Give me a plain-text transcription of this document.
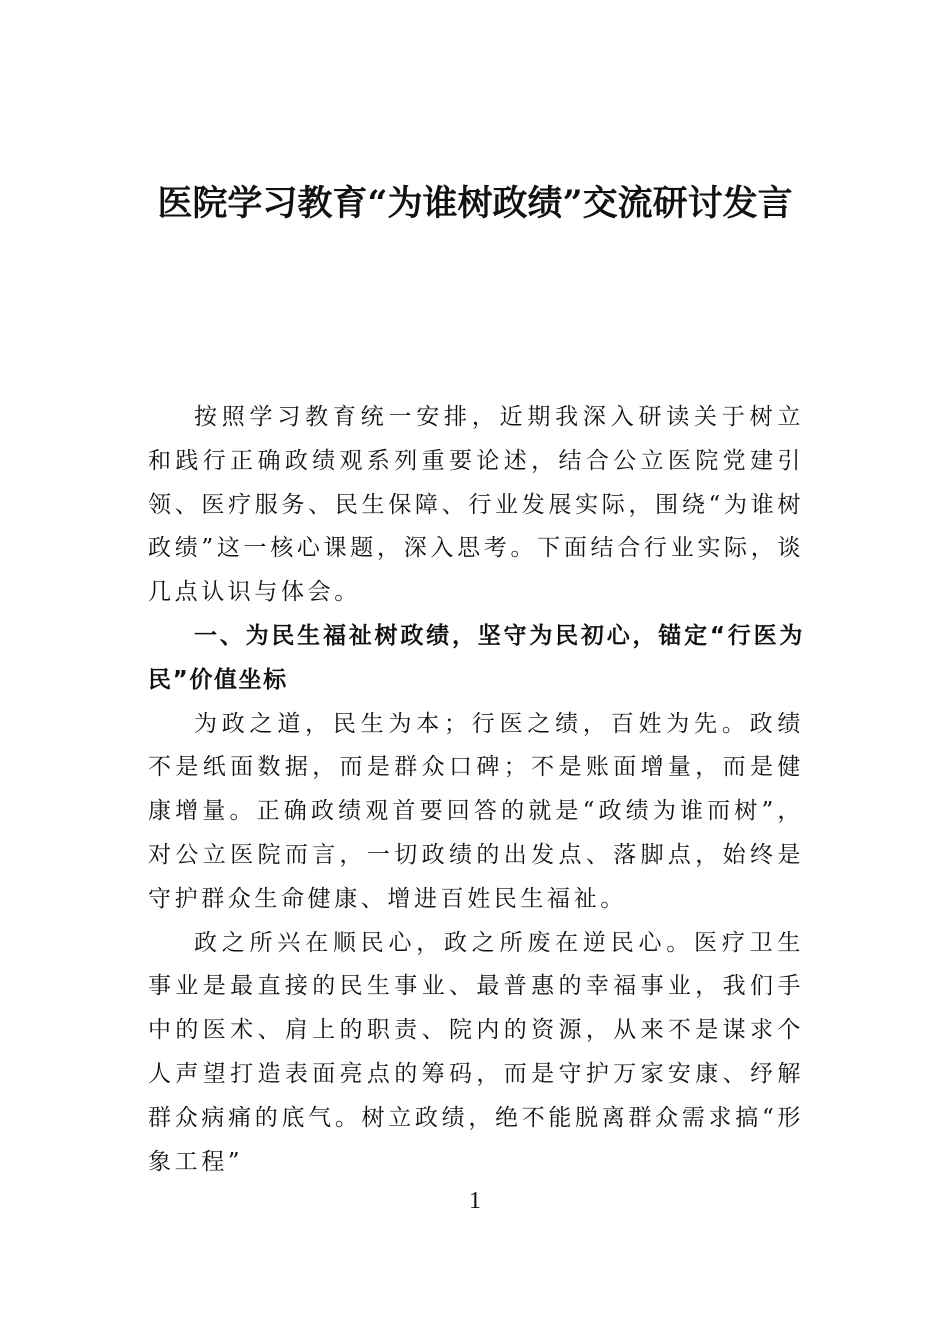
医院学习教育“为谁树政绩”交流研讨发言

按照学习教育统一安排，近期我深入研读关于树立和践行正确政绩观系列重要论述，结合公立医院党建引领、医疗服务、民生保障、行业发展实际，围绕“为谁树政绩”这一核心课题，深入思考。下面结合行业实际，谈几点认识与体会。

一、为民生福祉树政绩，坚守为民初心，锚定“行医为民”价值坐标

为政之道，民生为本；行医之绩，百姓为先。政绩不是纸面数据，而是群众口碑；不是账面增量，而是健康增量。正确政绩观首要回答的就是“政绩为谁而树”，对公立医院而言，一切政绩的出发点、落脚点，始终是守护群众生命健康、增进百姓民生福祉。

政之所兴在顺民心，政之所废在逆民心。医疗卫生事业是最直接的民生事业、最普惠的幸福事业，我们手中的医术、肩上的职责、院内的资源，从来不是谋求个人声望打造表面亮点的筹码，而是守护万家安康、纾解群众病痛的底气。树立政绩，绝不能脱离群众需求搞“形象工程”

1
